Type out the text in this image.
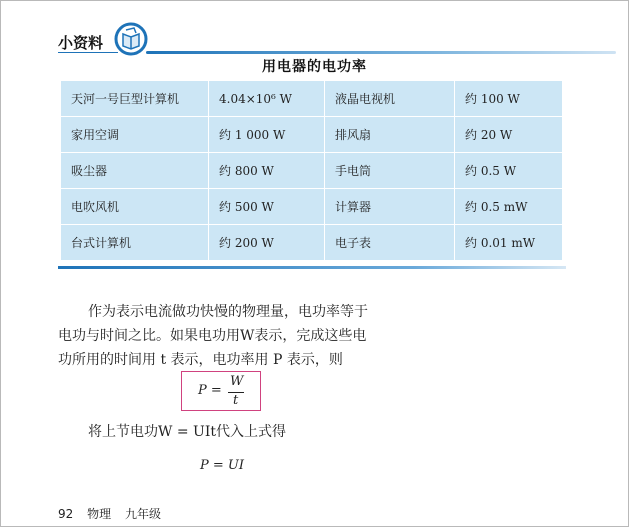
小资料
用电器的电功率
天河一号巨型计算机	4.04×10⁶ W	液晶电视机	约 100 W
家用空调	约 1 000 W	排风扇	约 20 W
吸尘器	约 800 W	手电筒	约 0.5 W
电吹风机	约 500 W	计算器	约 0.5 mW
台式计算机	约 200 W	电子表	约 0.01 mW
作为表示电流做功快慢的物理量，电功率等于
电功与时间之比。如果电功用W表示，完成这些电
功所用的时间用 t 表示，电功率用 P 表示，则
P =
W
t
将上节电功W = UIt代入上式得
P = UI
92 物理 九年级
